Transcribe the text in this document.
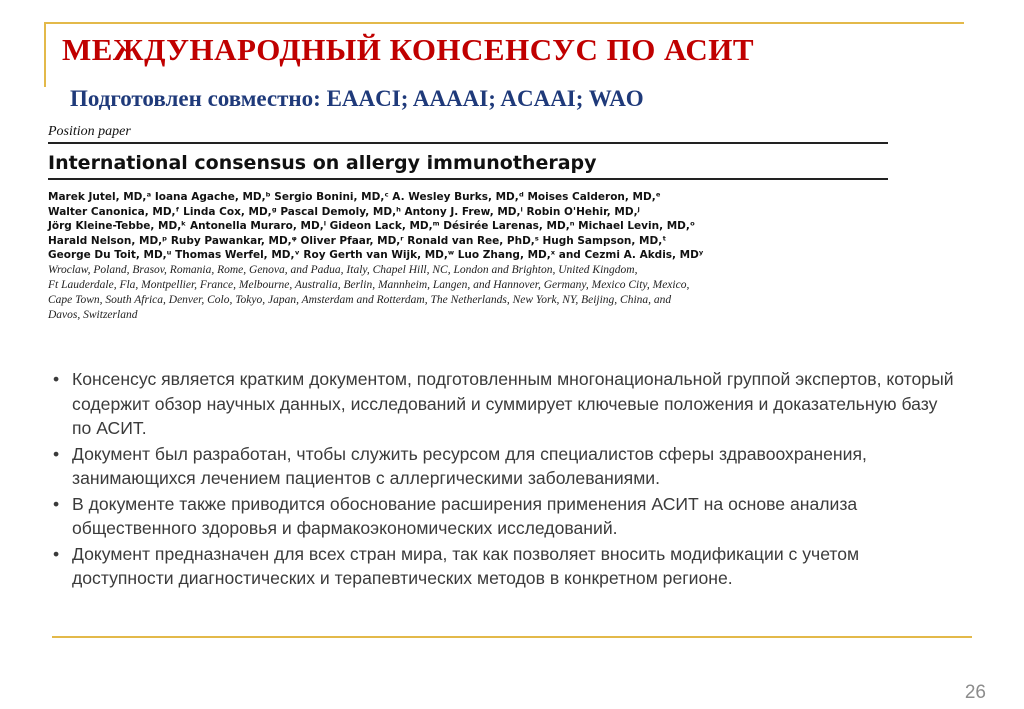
МЕЖДУНАРОДНЫЙ КОНСЕНСУС ПО АСИТ
Подготовлен совместно: EAACI; AAAAI; ACAAI; WAO
Position paper
International consensus on allergy immunotherapy
Marek Jutel, MD,ᵃ Ioana Agache, MD,ᵇ Sergio Bonini, MD,ᶜ A. Wesley Burks, MD,ᵈ Moises Calderon, MD,ᵉ
Walter Canonica, MD,ᶠ Linda Cox, MD,ᵍ Pascal Demoly, MD,ʰ Antony J. Frew, MD,ⁱ Robin O'Hehir, MD,ʲ
Jörg Kleine-Tebbe, MD,ᵏ Antonella Muraro, MD,ˡ Gideon Lack, MD,ᵐ Désirée Larenas, MD,ⁿ Michael Levin, MD,ᵒ
Harald Nelson, MD,ᵖ Ruby Pawankar, MD,ᵠ Oliver Pfaar, MD,ʳ Ronald van Ree, PhD,ˢ Hugh Sampson, MD,ᵗ
George Du Toit, MD,ᵘ Thomas Werfel, MD,ᵛ Roy Gerth van Wijk, MD,ʷ Luo Zhang, MD,ˣ and Cezmi A. Akdis, MDʸ
Wroclaw, Poland, Brasov, Romania, Rome, Genova, and Padua, Italy, Chapel Hill, NC, London and Brighton, United Kingdom,
Ft Lauderdale, Fla, Montpellier, France, Melbourne, Australia, Berlin, Mannheim, Langen, and Hannover, Germany, Mexico City, Mexico,
Cape Town, South Africa, Denver, Colo, Tokyo, Japan, Amsterdam and Rotterdam, The Netherlands, New York, NY, Beijing, China, and
Davos, Switzerland
• Консенсус является кратким документом, подготовленным многонациональной группой экспертов, который содержит обзор научных данных, исследований и суммирует ключевые положения и доказательную базу по АСИТ.
• Документ был разработан, чтобы служить ресурсом для специалистов сферы здравоохранения, занимающихся лечением пациентов с аллергическими заболеваниями.
• В документе также приводится обоснование расширения применения АСИТ на основе анализа общественного здоровья и фармакоэкономических исследований.
• Документ предназначен для всех стран мира, так как позволяет вносить модификации с учетом доступности диагностических и терапевтических методов в конкретном регионе.
26
